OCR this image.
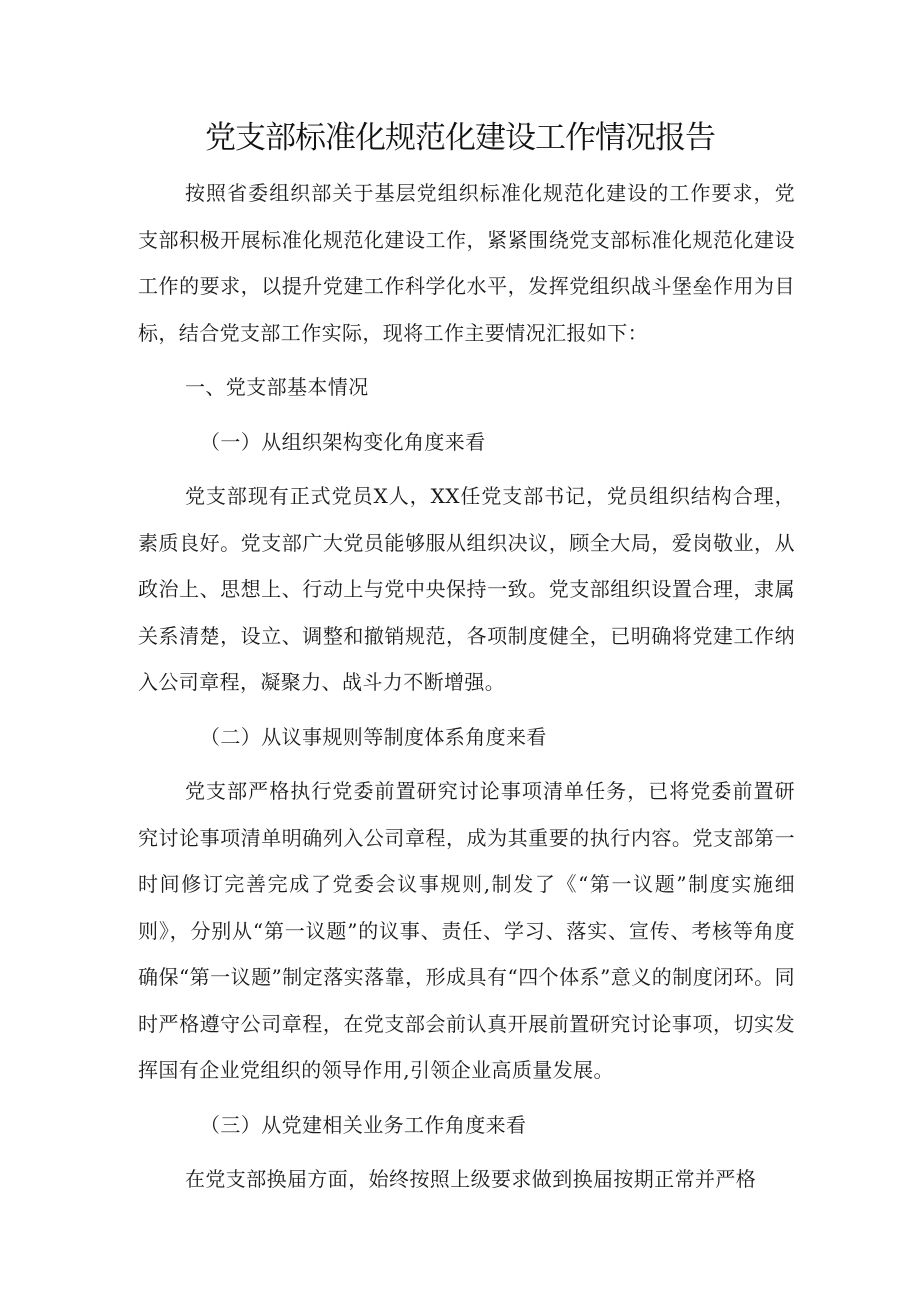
党支部标准化规范化建设工作情况报告

按照省委组织部关于基层党组织标准化规范化建设的工作要求，党支部积极开展标准化规范化建设工作，紧紧围绕党支部标准化规范化建设工作的要求，以提升党建工作科学化水平，发挥党组织战斗堡垒作用为目标，结合党支部工作实际，现将工作主要情况汇报如下：

一、党支部基本情况

（一）从组织架构变化角度来看

党支部现有正式党员X人，XX任党支部书记，党员组织结构合理，素质良好。党支部广大党员能够服从组织决议，顾全大局，爱岗敬业，从政治上、思想上、行动上与党中央保持一致。党支部组织设置合理，隶属关系清楚，设立、调整和撤销规范，各项制度健全，已明确将党建工作纳入公司章程，凝聚力、战斗力不断增强。

（二）从议事规则等制度体系角度来看

党支部严格执行党委前置研究讨论事项清单任务，已将党委前置研究讨论事项清单明确列入公司章程，成为其重要的执行内容。党支部第一时间修订完善完成了党委会议事规则,制发了《“第一议题”制度实施细则》，分别从“第一议题”的议事、责任、学习、落实、宣传、考核等角度确保“第一议题”制定落实落靠，形成具有“四个体系”意义的制度闭环。同时严格遵守公司章程，在党支部会前认真开展前置研究讨论事项，切实发挥国有企业党组织的领导作用,引领企业高质量发展。

（三）从党建相关业务工作角度来看

在党支部换届方面，始终按照上级要求做到换届按期正常并严格
